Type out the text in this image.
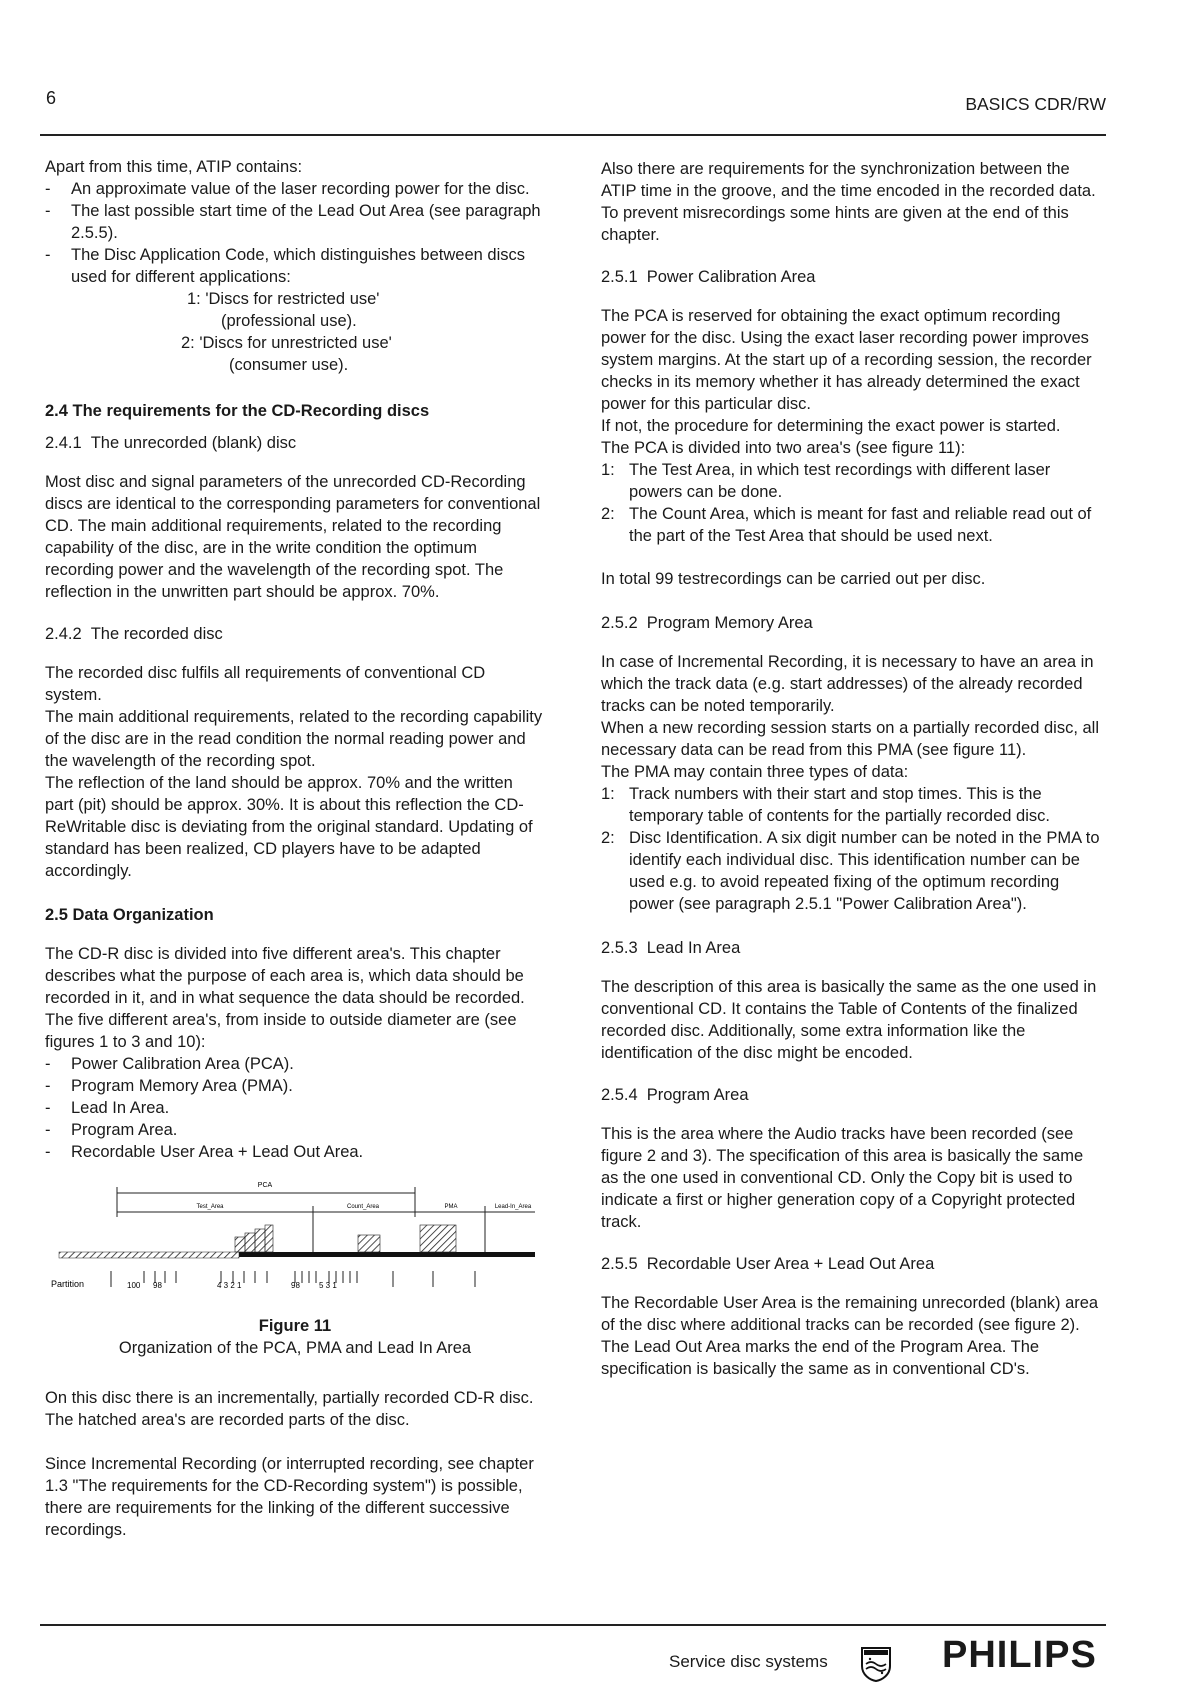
6	BASICS CDR/RW

Apart from this time, ATIP contains:

- An approximate value of the laser recording power for the disc.
- The last possible start time of the Lead Out Area (see paragraph 2.5.5).
- The Disc Application Code, which distinguishes between discs used for different applications:
1: 'Discs for restricted use'
(professional use).
2: 'Discs for unrestricted use'
(consumer use).

2.4 The requirements for the CD-Recording discs

2.4.1 The unrecorded (blank) disc

Most disc and signal parameters of the unrecorded CD-Recording discs are identical to the corresponding parameters for conventional CD. The main additional requirements, related to the recording capability of the disc, are in the write condition the optimum recording power and the wavelength of the recording spot. The reflection in the unwritten part should be approx. 70%.

2.4.2 The recorded disc

The recorded disc fulfils all requirements of conventional CD system.

The main additional requirements, related to the recording capability of the disc are in the read condition the normal reading power and the wavelength of the recording spot.

The reflection of the land should be approx. 70% and the written part (pit) should be approx. 30%. It is about this reflection the CD-ReWritable disc is deviating from the original standard. Updating of standard has been realized, CD players have to be adapted accordingly.

2.5 Data Organization

The CD-R disc is divided into five different area's. This chapter describes what the purpose of each area is, which data should be recorded in it, and in what sequence the data should be recorded. The five different area's, from inside to outside diameter are (see figures 1 to 3 and 10):

- Power Calibration Area (PCA).
- Program Memory Area (PMA).
- Lead In Area.
- Program Area.
- Recordable User Area + Lead Out Area.
PCA
Test_Area	Count_Area	PMA	Lead-In_Area
Partition	100 98	4 3 2 1	98 5 3 1
Figure 11
Organization of the PCA, PMA and Lead In Area

On this disc there is an incrementally, partially recorded CD-R disc. The hatched area's are recorded parts of the disc.

Since Incremental Recording (or interrupted recording, see chapter 1.3 "The requirements for the CD-Recording system") is possible, there are requirements for the linking of the different successive recordings.

Also there are requirements for the synchronization between the ATIP time in the groove, and the time encoded in the recorded data.

To prevent misrecordings some hints are given at the end of this chapter.

2.5.1 Power Calibration Area

The PCA is reserved for obtaining the exact optimum recording power for the disc. Using the exact laser recording power improves system margins. At the start up of a recording session, the recorder checks in its memory whether it has already determined the exact power for this particular disc.

If not, the procedure for determining the exact power is started.

The PCA is divided into two area's (see figure 11):

1: The Test Area, in which test recordings with different laser powers can be done.
2: The Count Area, which is meant for fast and reliable read out of the part of the Test Area that should be used next.

In total 99 testrecordings can be carried out per disc.

2.5.2 Program Memory Area

In case of Incremental Recording, it is necessary to have an area in which the track data (e.g. start addresses) of the already recorded tracks can be noted temporarily.

When a new recording session starts on a partially recorded disc, all necessary data can be read from this PMA (see figure 11).

The PMA may contain three types of data:

1: Track numbers with their start and stop times. This is the temporary table of contents for the partially recorded disc.
2: Disc Identification. A six digit number can be noted in the PMA to identify each individual disc. This identification number can be used e.g. to avoid repeated fixing of the optimum recording power (see paragraph 2.5.1 "Power Calibration Area").

2.5.3 Lead In Area

The description of this area is basically the same as the one used in conventional CD. It contains the Table of Contents of the finalized recorded disc. Additionally, some extra information like the identification of the disc might be encoded.

2.5.4 Program Area

This is the area where the Audio tracks have been recorded (see figure 2 and 3). The specification of this area is basically the same as the one used in conventional CD. Only the Copy bit is used to indicate a first or higher generation copy of a Copyright protected track.

2.5.5 Recordable User Area + Lead Out Area

The Recordable User Area is the remaining unrecorded (blank) area of the disc where additional tracks can be recorded (see figure 2). The Lead Out Area marks the end of the Program Area. The specification is basically the same as in conventional CD's.

Service disc systems	PHILIPS
